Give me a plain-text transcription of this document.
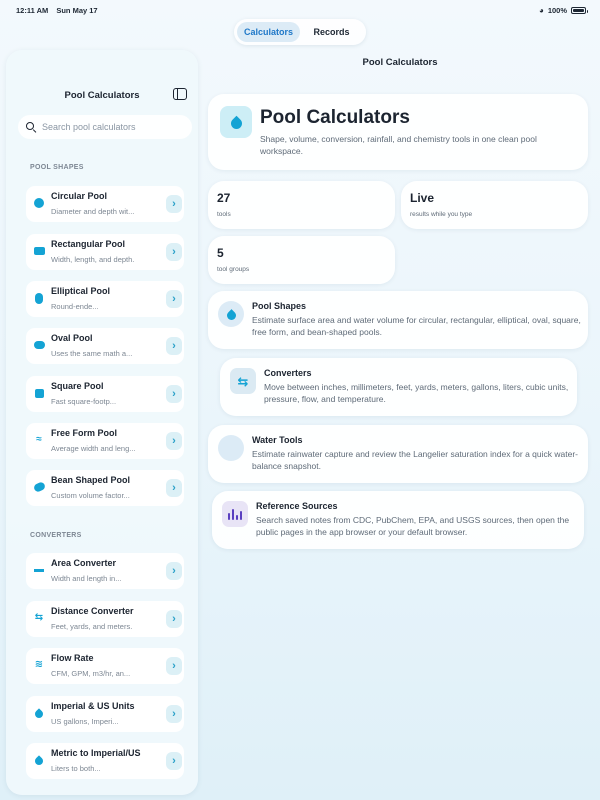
12:11 AM Sun May 17	◕ 100%
Calculators	Records
Pool Calculators
Search pool calculators
POOL SHAPES
Circular Pool
Diameter and depth wit...
›
Rectangular Pool
Width, length, and depth.
›
Elliptical Pool
Round-ende...
›
Oval Pool
Uses the same math a...
›
Square Pool
Fast square-footp...
›
≈
Free Form Pool
Average width and leng...
›
Bean Shaped Pool
Custom volume factor...
›
CONVERTERS
▬
Area Converter
Width and length in...
›
⇆
Distance Converter
Feet, yards, and meters.
›
≋
Flow Rate
CFM, GPM, m3/hr, an...
›
Imperial & US Units
US gallons, Imperi...
›
Metric to Imperial/US
Liters to both...
›
Pool Calculators
Pool Calculators

Shape, volume, conversion, rainfall, and chemistry tools in one clean pool workspace.

27
tools
Live
results while you type
5
tool groups
Pool Shapes
Estimate surface area and water volume for circular, rectangular, elliptical, oval, square, free form, and bean-shaped pools.
⇆
Converters
Move between inches, millimeters, feet, yards, meters, gallons, liters, cubic units, pressure, flow, and temperature.
Water Tools
Estimate rainwater capture and review the Langelier saturation index for a quick water-balance snapshot.
Reference Sources
Search saved notes from CDC, PubChem, EPA, and USGS sources, then open the public pages in the app browser or your default browser.
